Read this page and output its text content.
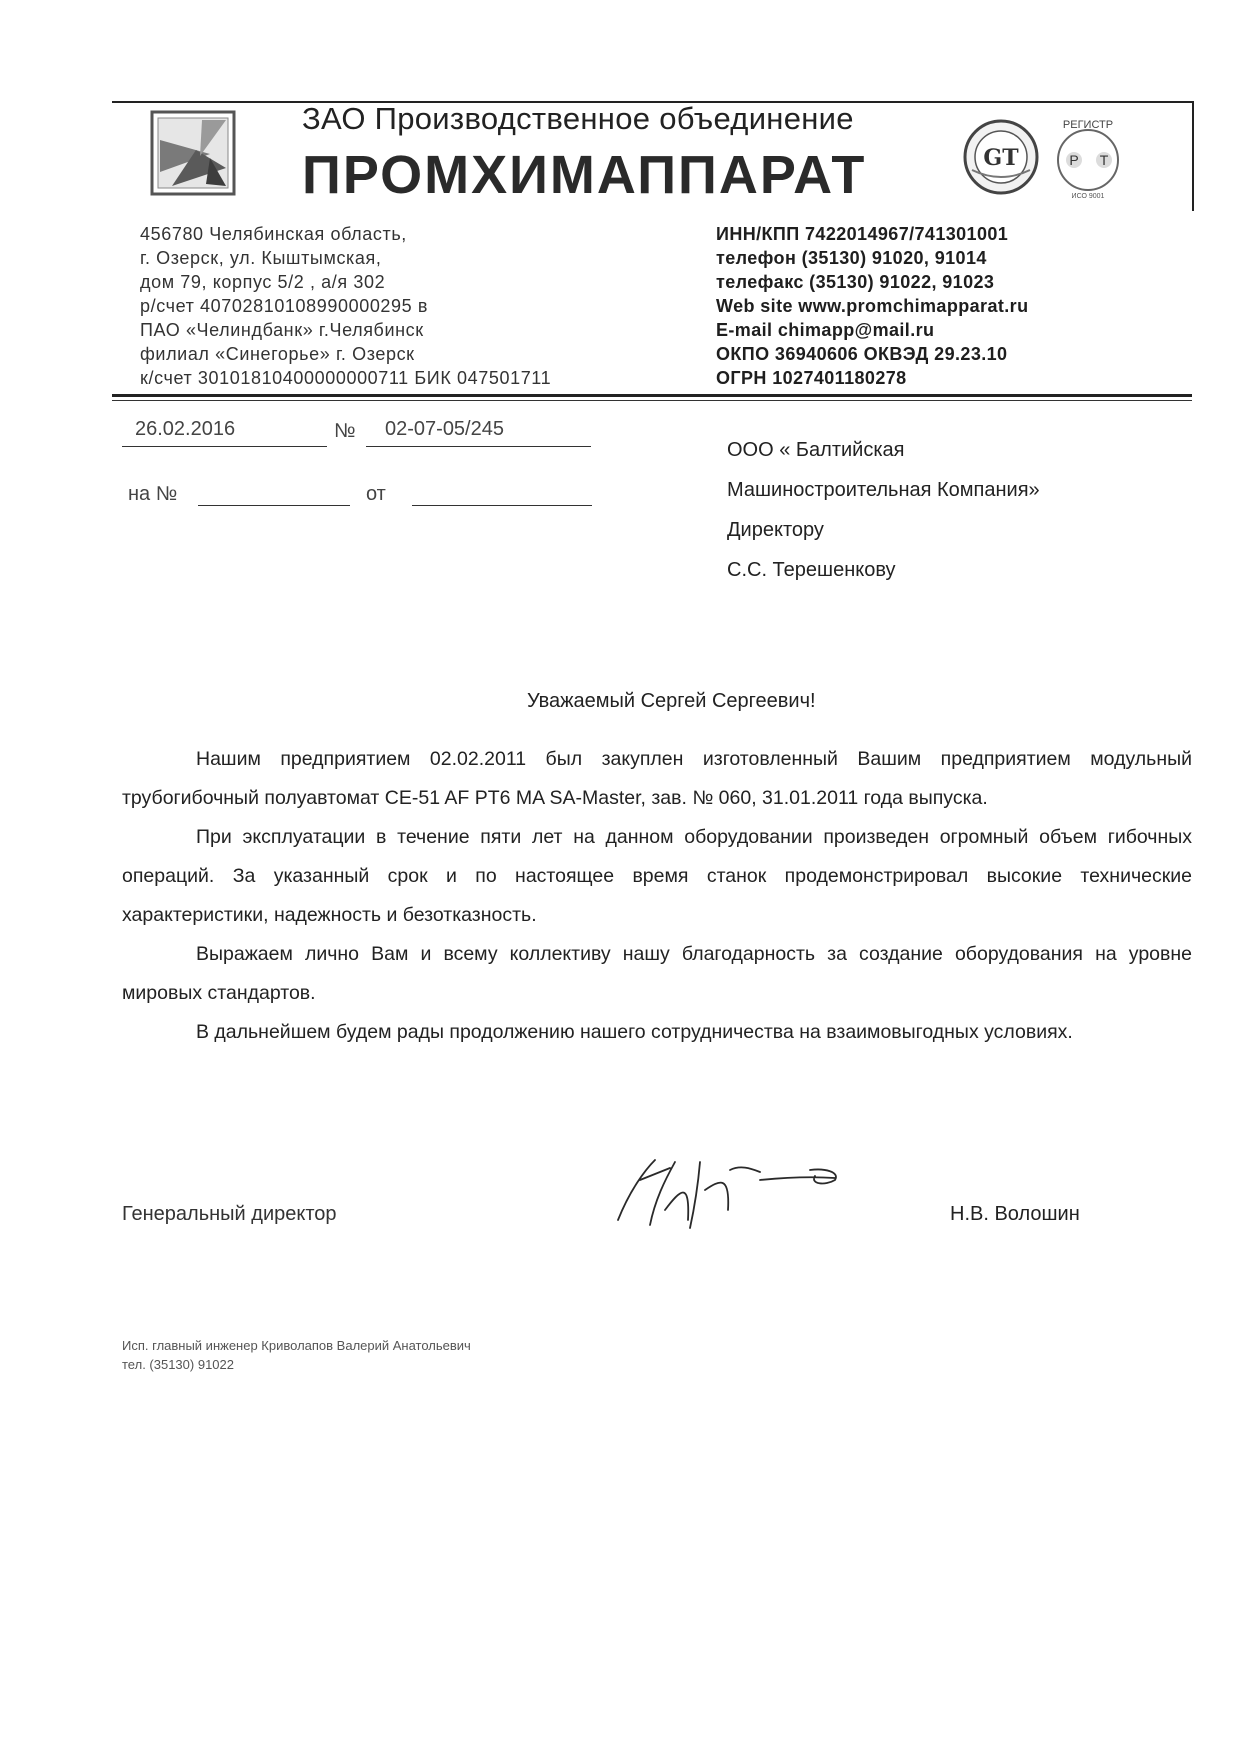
ЗАО Производственное объединение
ПРОМХИМАППАРАТ	GT
РЕГИСТР
Р Т
ИСО 9001
456780 Челябинская область,
г. Озерск, ул. Кыштымская,
дом 79, корпус 5/2 , а/я 302
р/счет 40702810108990000295 в
ПАО «Челиндбанк» г.Челябинск
филиал «Синегорье» г. Озерск
к/счет 30101810400000000711 БИК 047501711
ИНН/КПП 7422014967/741301001
телефон (35130) 91020, 91014
телефакс (35130) 91022, 91023
Web site www.promchimapparat.ru
E-mail chimapp@mail.ru
ОКПО 36940606 ОКВЭД 29.23.10
ОГРН 1027401180278
26.02.2016	№ 02-07-05/245
на №	от
ООО « Балтийская
Машиностроительная Компания»
Директору
С.С. Терешенкову
Уважаемый Сергей Сергеевич!

Нашим предприятием 02.02.2011 был закуплен изготовленный Вашим предприятием модульный трубогибочный полуавтомат CE-51 AF PT6 MA SA-Master, зав. № 060, 31.01.2011 года выпуска.

При эксплуатации в течение пяти лет на данном оборудовании произведен огромный объем гибочных операций. За указанный срок и по настоящее время станок продемонстрировал высокие технические характеристики, надежность и безотказность.

Выражаем лично Вам и всему коллективу нашу благодарность за создание оборудования на уровне мировых стандартов.

В дальнейшем будем рады продолжению нашего сотрудничества на взаимовыгодных условиях.

Генеральный директор	Н.В. Волошин
Исп. главный инженер Криволапов Валерий Анатольевич
тел. (35130) 91022
